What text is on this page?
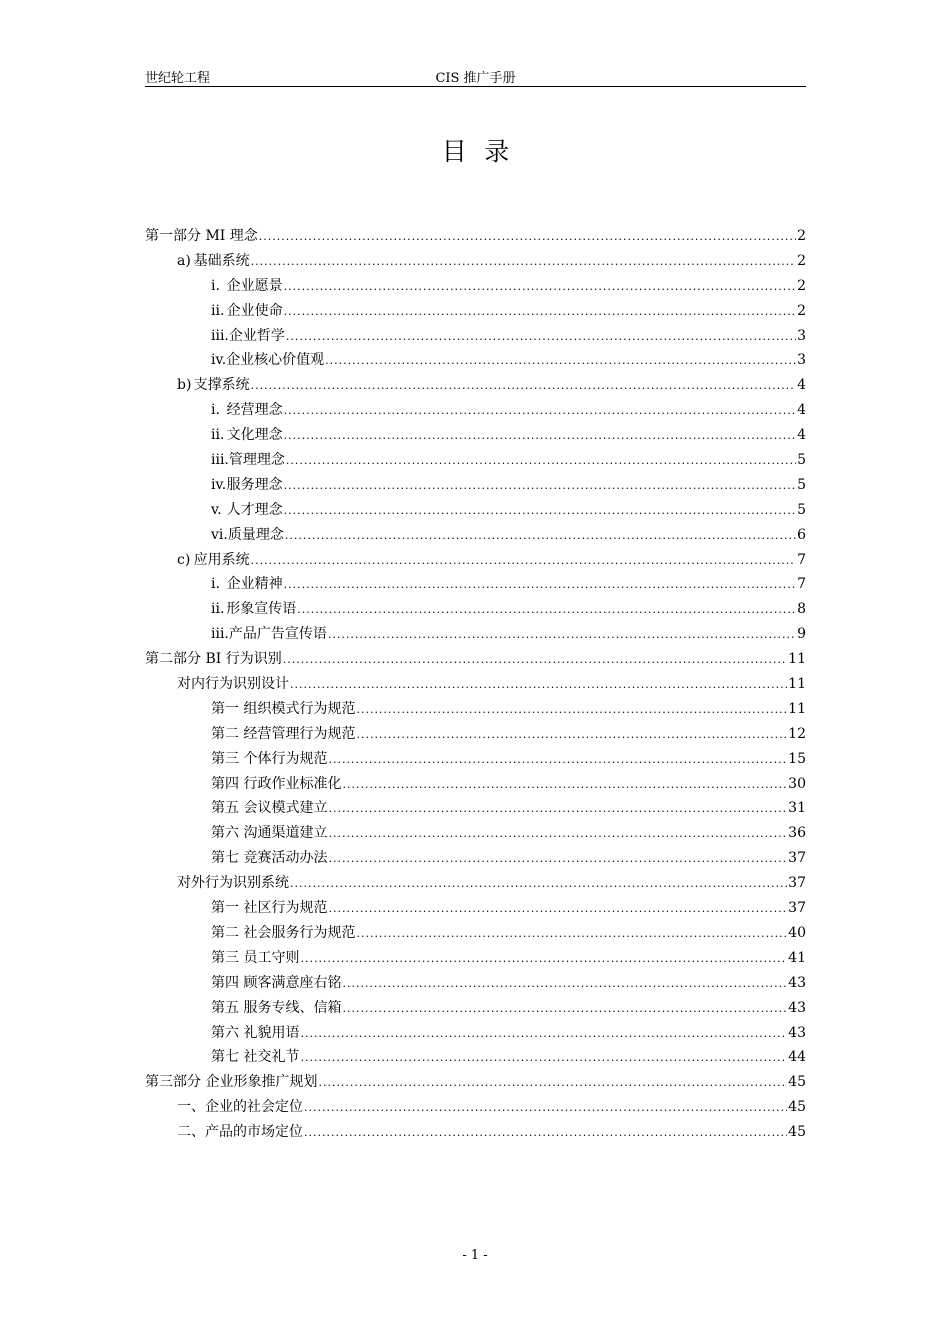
世纪轮工程	CIS 推广手册
目录
第一部分 MI 理念 .....	2
a) 基础系统 .....	2
i. 企业愿景 .....	2
ii. 企业使命 .....	2
iii. 企业哲学 .....	3
iv. 企业核心价值观 .....	3
b) 支撑系统 .....	4
i. 经营理念 .....	4
ii. 文化理念 .....	4
iii. 管理理念 .....	5
iv. 服务理念 .....	5
v. 人才理念 .....	5
vi. 质量理念 .....	6
c) 应用系统 .....	7
i. 企业精神 .....	7
ii. 形象宣传语 .....	8
iii. 产品广告宣传语 .....	9
第二部分 BI 行为识别 .....	11
对内行为识别设计 .....	11
第一 组织模式行为规范 .....	11
第二 经营管理行为规范 .....	12
第三 个体行为规范 .....	15
第四 行政作业标准化 .....	30
第五 会议模式建立 .....	31
第六 沟通渠道建立 .....	36
第七 竞赛活动办法 .....	37
对外行为识别系统 .....	37
第一 社区行为规范 .....	37
第二 社会服务行为规范 .....	40
第三 员工守则 .....	41
第四 顾客满意座右铭 .....	43
第五 服务专线、信箱 .....	43
第六 礼貌用语 .....	43
第七 社交礼节 .....	44
第三部分 企业形象推广规划 .....	45
一、企业的社会定位 .....	45
二、产品的市场定位 .....	45
- 1 -
